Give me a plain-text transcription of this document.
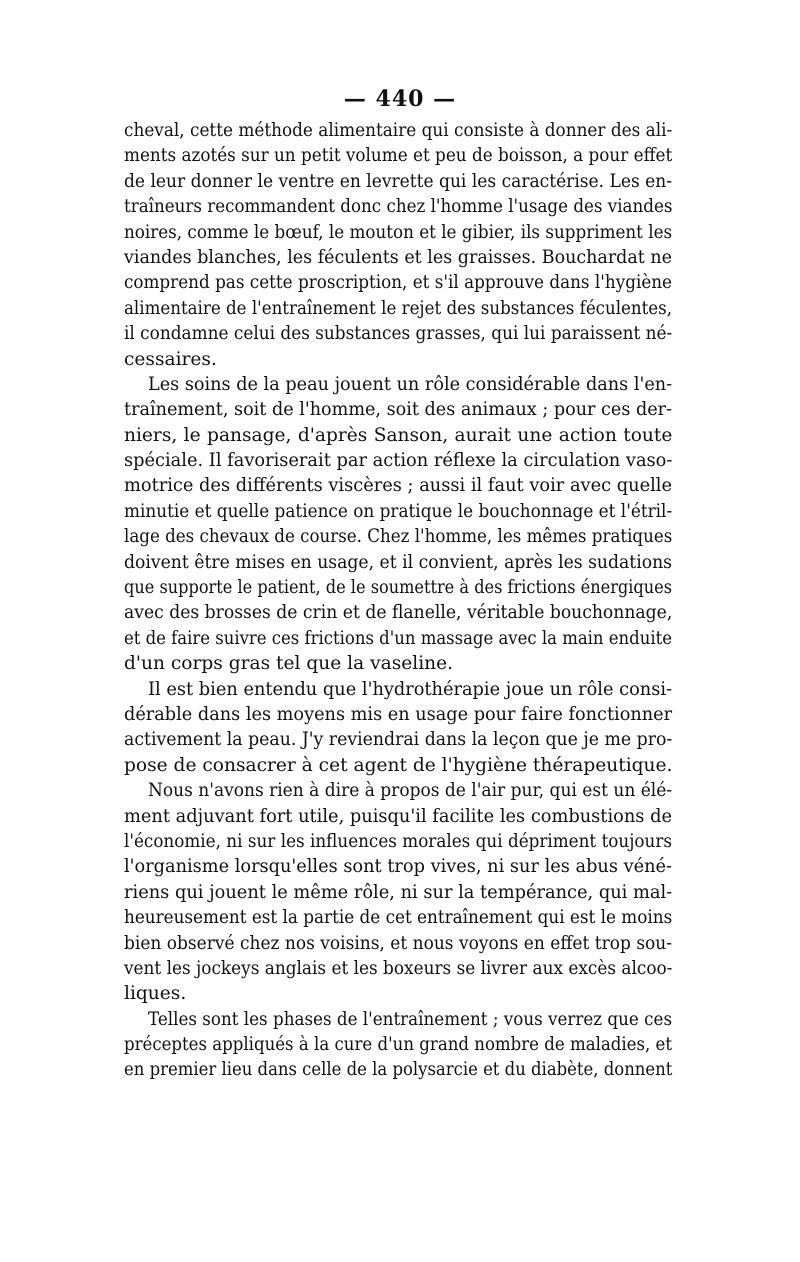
— 440 —
cheval, cette méthode alimentaire qui consiste à donner des ali-
ments azotés sur un petit volume et peu de boisson, a pour effet
de leur donner le ventre en levrette qui les caractérise. Les en-
traîneurs recommandent donc chez l'homme l'usage des viandes
noires, comme le bœuf, le mouton et le gibier, ils suppriment les
viandes blanches, les féculents et les graisses. Bouchardat ne
comprend pas cette proscription, et s'il approuve dans l'hygiène
alimentaire de l'entraînement le rejet des substances féculentes,
il condamne celui des substances grasses, qui lui paraissent né-
cessaires.
Les soins de la peau jouent un rôle considérable dans l'en-
traînement, soit de l'homme, soit des animaux ; pour ces der-
niers, le pansage, d'après Sanson, aurait une action toute
spéciale. Il favoriserait par action réflexe la circulation vaso-
motrice des différents viscères ; aussi il faut voir avec quelle
minutie et quelle patience on pratique le bouchonnage et l'étril-
lage des chevaux de course. Chez l'homme, les mêmes pratiques
doivent être mises en usage, et il convient, après les sudations
que supporte le patient, de le soumettre à des frictions énergiques
avec des brosses de crin et de flanelle, véritable bouchonnage,
et de faire suivre ces frictions d'un massage avec la main enduite
d'un corps gras tel que la vaseline.
Il est bien entendu que l'hydrothérapie joue un rôle consi-
dérable dans les moyens mis en usage pour faire fonctionner
activement la peau. J'y reviendrai dans la leçon que je me pro-
pose de consacrer à cet agent de l'hygiène thérapeutique.
Nous n'avons rien à dire à propos de l'air pur, qui est un élé-
ment adjuvant fort utile, puisqu'il facilite les combustions de
l'économie, ni sur les influences morales qui dépriment toujours
l'organisme lorsqu'elles sont trop vives, ni sur les abus véné-
riens qui jouent le même rôle, ni sur la tempérance, qui mal-
heureusement est la partie de cet entraînement qui est le moins
bien observé chez nos voisins, et nous voyons en effet trop sou-
vent les jockeys anglais et les boxeurs se livrer aux excès alcoo-
liques.
Telles sont les phases de l'entraînement ; vous verrez que ces
préceptes appliqués à la cure d'un grand nombre de maladies, et
en premier lieu dans celle de la polysarcie et du diabète, donnent
